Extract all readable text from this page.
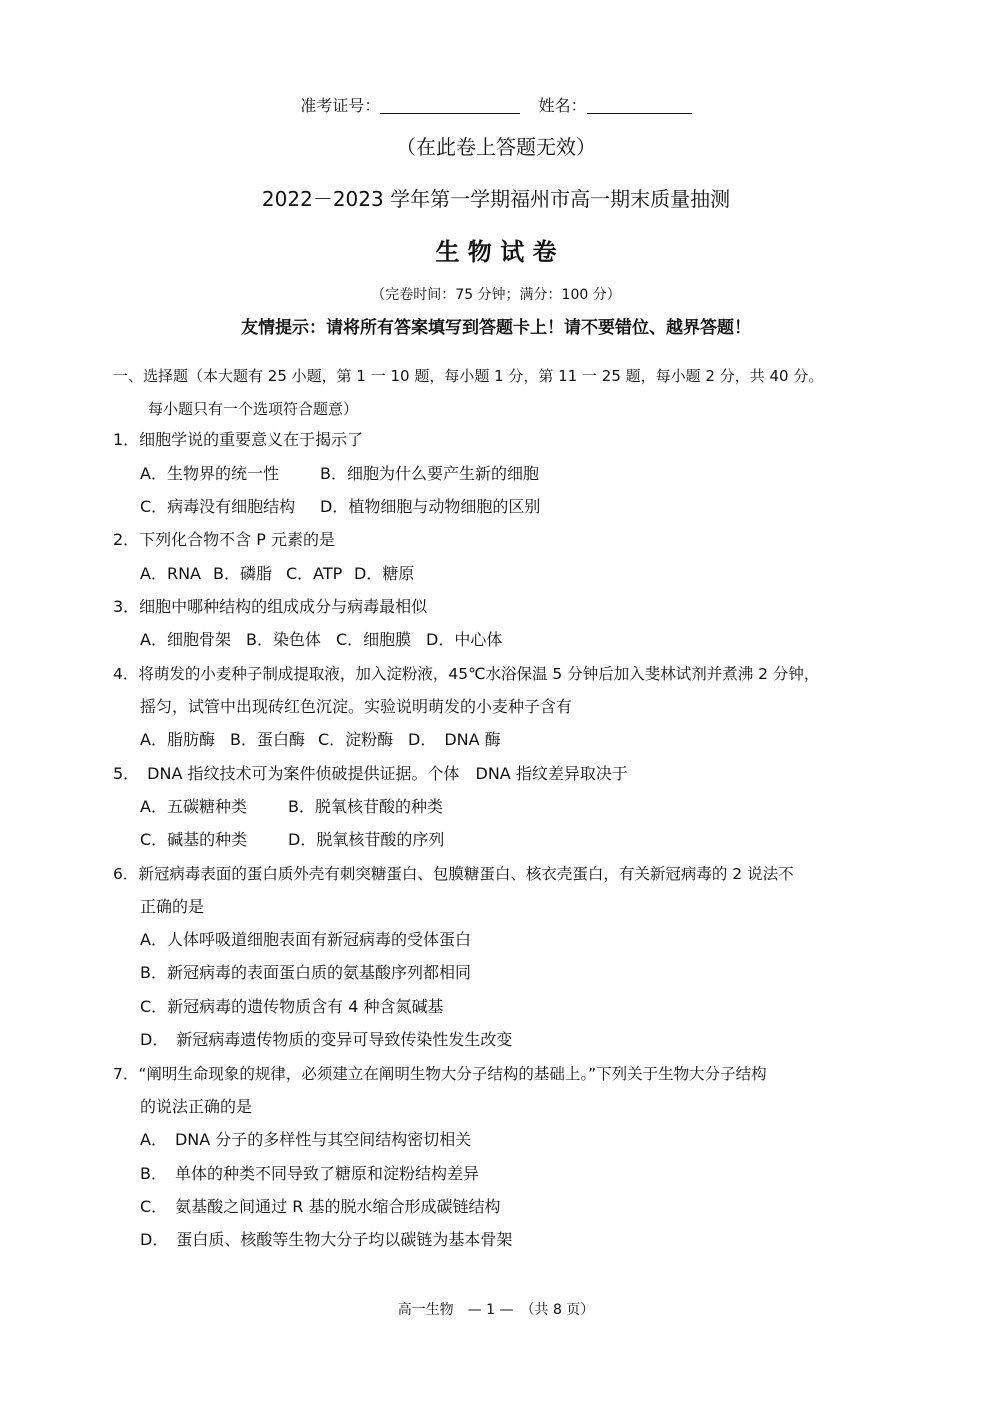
准考证号：	姓名：
（在此卷上答题无效）
2022－2023 学年第一学期福州市高一期末质量抽测
生 物 试 卷
（完卷时间：75 分钟；满分：100 分）
友情提示：请将所有答案填写到答题卡上！请不要错位、越界答题！
一、选择题（本大题有 25 小题，第 1 一 10 题，每小题 1 分，第 11 一 25 题，每小题 2 分，共 40 分。
每小题只有一个选项符合题意）
1．细胞学说的重要意义在于揭示了
A．生物界的统一性	B．细胞为什么要产生新的细胞
C．病毒没有细胞结构 D．植物细胞与动物细胞的区别
2．下列化合物不含 P 元素的是
A．RNA B．磷脂 C．ATP D．糖原
3．细胞中哪种结构的组成成分与病毒最相似
A．细胞骨架 B．染色体 C．细胞膜 D．中心体
4．将萌发的小麦种子制成提取液，加入淀粉液，45℃水浴保温 5 分钟后加入斐林试剂并煮沸 2 分钟，
摇匀，试管中出现砖红色沉淀。实验说明萌发的小麦种子含有
A．脂肪酶 B．蛋白酶 C．淀粉酶 D．　DNA 酶
5．　DNA 指纹技术可为案件侦破提供证据。个体　DNA 指纹差异取决于
A．五碳糖种类	B．脱氧核苷酸的种类
C．碱基的种类	D．脱氧核苷酸的序列
6．新冠病毒表面的蛋白质外壳有刺突糖蛋白、包膜糖蛋白、核衣壳蛋白，有关新冠病毒的 2 说法不
正确的是
A．人体呼吸道细胞表面有新冠病毒的受体蛋白
B．新冠病毒的表面蛋白质的氨基酸序列都相同
C．新冠病毒的遗传物质含有 4 种含氮碱基
D．　新冠病毒遗传物质的变异可导致传染性发生改变
7．“阐明生命现象的规律，必须建立在阐明生物大分子结构的基础上。”下列关于生物大分子结构
的说法正确的是
A．　DNA 分子的多样性与其空间结构密切相关
B．　单体的种类不同导致了糖原和淀粉结构差异
C．　氨基酸之间通过 R 基的脱水缩合形成碳链结构
D．　蛋白质、核酸等生物大分子均以碳链为基本骨架
高一生物　— 1 —　（共 8 页）
